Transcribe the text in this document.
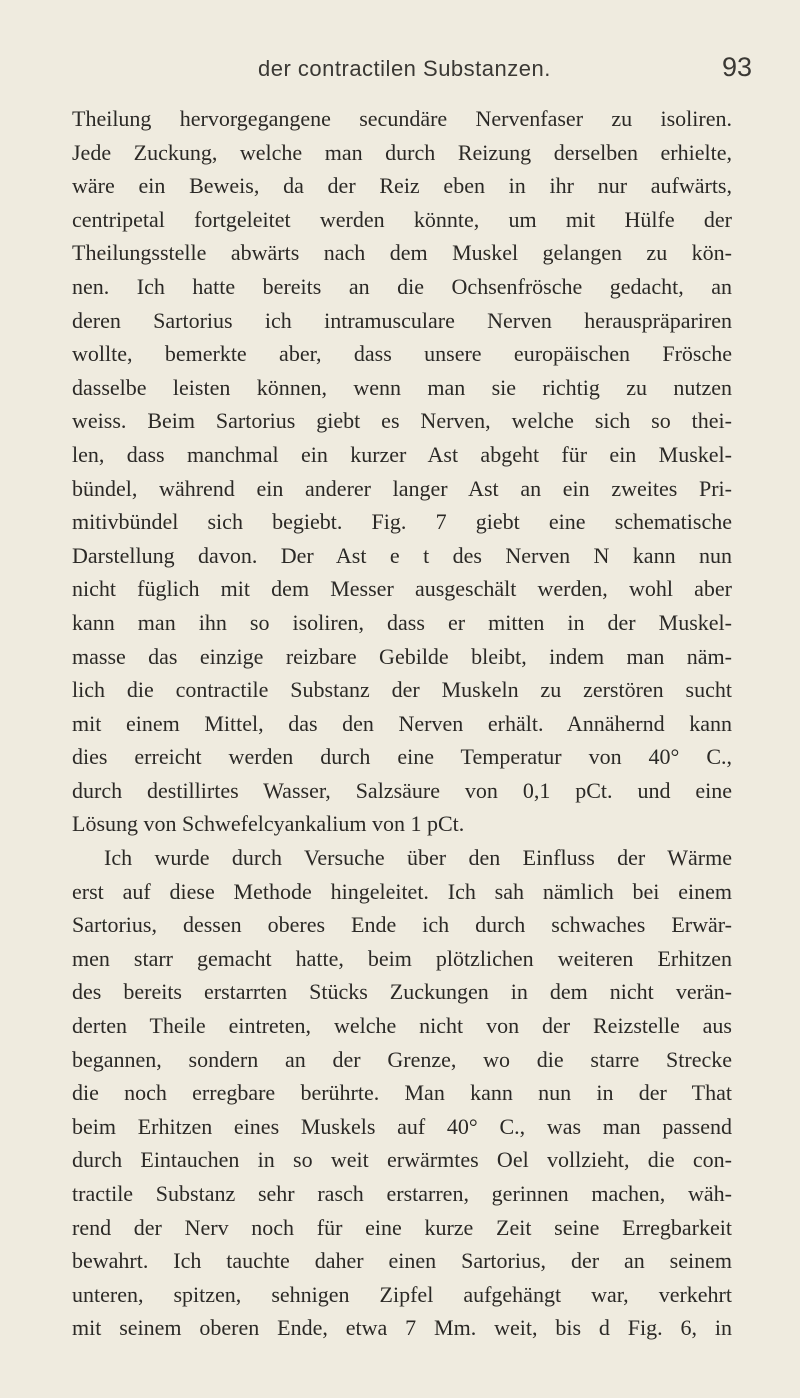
der contractilen Substanzen.	93
Theilung hervorgegangene secundäre Nervenfaser zu isoliren.
Jede Zuckung, welche man durch Reizung derselben erhielte,
wäre ein Beweis, da der Reiz eben in ihr nur aufwärts,
centripetal fortgeleitet werden könnte, um mit Hülfe der
Theilungsstelle abwärts nach dem Muskel gelangen zu kön-
nen. Ich hatte bereits an die Ochsenfrösche gedacht, an
deren Sartorius ich intramusculare Nerven herauspräpariren
wollte, bemerkte aber, dass unsere europäischen Frösche
dasselbe leisten können, wenn man sie richtig zu nutzen
weiss. Beim Sartorius giebt es Nerven, welche sich so thei-
len, dass manchmal ein kurzer Ast abgeht für ein Muskel-
bündel, während ein anderer langer Ast an ein zweites Pri-
mitivbündel sich begiebt. Fig. 7 giebt eine schematische
Darstellung davon. Der Ast e t des Nerven N kann nun
nicht füglich mit dem Messer ausgeschält werden, wohl aber
kann man ihn so isoliren, dass er mitten in der Muskel-
masse das einzige reizbare Gebilde bleibt, indem man näm-
lich die contractile Substanz der Muskeln zu zerstören sucht
mit einem Mittel, das den Nerven erhält. Annähernd kann
dies erreicht werden durch eine Temperatur von 40° C.,
durch destillirtes Wasser, Salzsäure von 0,1 pCt. und eine
Lösung von Schwefelcyankalium von 1 pCt.
Ich wurde durch Versuche über den Einfluss der Wärme
erst auf diese Methode hingeleitet. Ich sah nämlich bei einem
Sartorius, dessen oberes Ende ich durch schwaches Erwär-
men starr gemacht hatte, beim plötzlichen weiteren Erhitzen
des bereits erstarrten Stücks Zuckungen in dem nicht verän-
derten Theile eintreten, welche nicht von der Reizstelle aus
begannen, sondern an der Grenze, wo die starre Strecke
die noch erregbare berührte. Man kann nun in der That
beim Erhitzen eines Muskels auf 40° C., was man passend
durch Eintauchen in so weit erwärmtes Oel vollzieht, die con-
tractile Substanz sehr rasch erstarren, gerinnen machen, wäh-
rend der Nerv noch für eine kurze Zeit seine Erregbarkeit
bewahrt. Ich tauchte daher einen Sartorius, der an seinem
unteren, spitzen, sehnigen Zipfel aufgehängt war, verkehrt
mit seinem oberen Ende, etwa 7 Mm. weit, bis d Fig. 6, in
